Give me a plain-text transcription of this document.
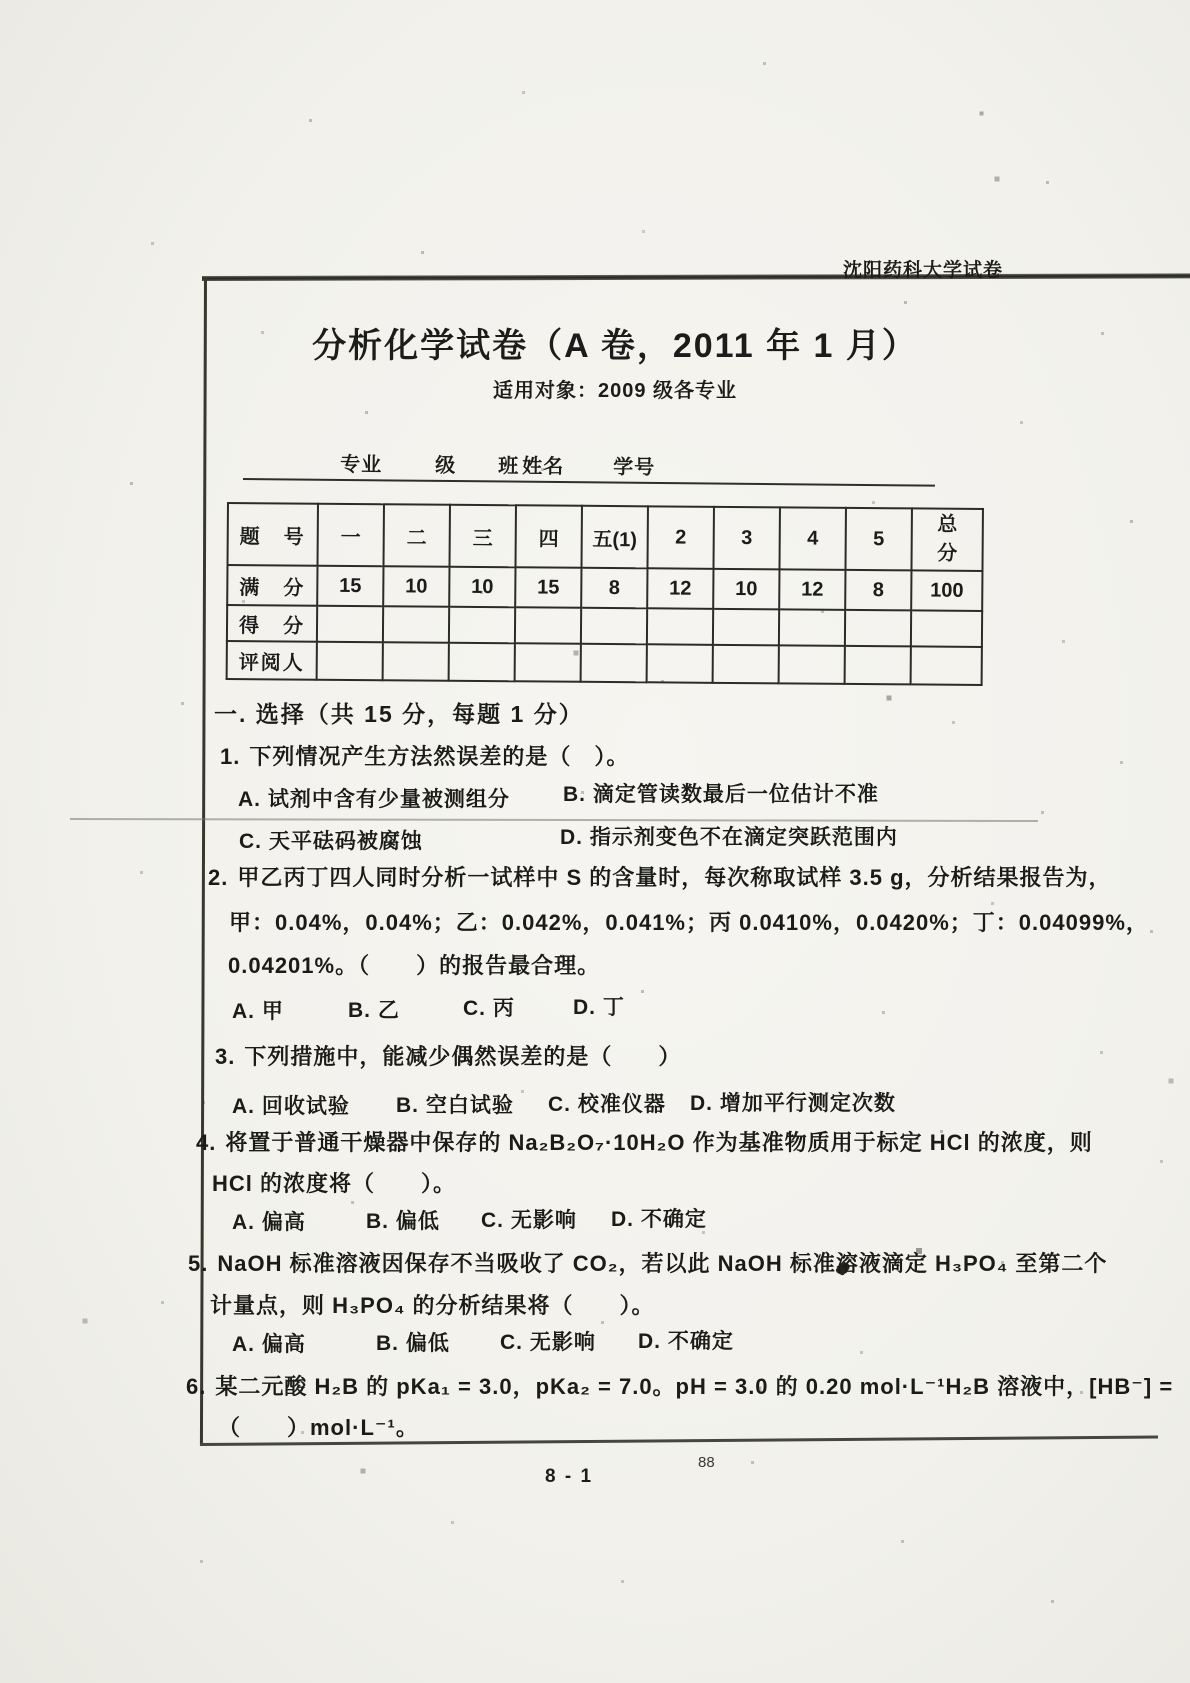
沈阳药科大学试卷
分析化学试卷（A 卷，2011 年 1 月）
适用对象：2009 级各专业
专业	级 班 姓名 学号
题　号	一	二	三	四	五(1)	2	3	4	5	总分

满　分	15	10	10	15	8	12	10	12	8	100
得　分										
评阅人										
一. 选择（共 15 分，每题 1 分）
1. 下列情况产生方法然误差的是（　）。
A. 试剂中含有少量被测组分	B. 滴定管读数最后一位估计不准
C. 天平砝码被腐蚀	D. 指示剂变色不在滴定突跃范围内
2. 甲乙丙丁四人同时分析一试样中 S 的含量时，每次称取试样 3.5 g，分析结果报告为，
甲：0.04%，0.04%；乙：0.042%，0.041%；丙 0.0410%，0.0420%；丁：0.04099%，
0.04201%。（　　）的报告最合理。
A. 甲	B. 乙	C. 丙	D. 丁
3. 下列措施中，能减少偶然误差的是（　　）
A. 回收试验 B. 空白试验 C. 校准仪器 D. 增加平行测定次数
4. 将置于普通干燥器中保存的 Na₂B₂O₇·10H₂O 作为基准物质用于标定 HCl 的浓度，则
HCl 的浓度将（　　）。
A. 偏高	B. 偏低 C. 无影响 D. 不确定
5. NaOH 标准溶液因保存不当吸收了 CO₂，若以此 NaOH 标准溶液滴定 H₃PO₄ 至第二个
计量点，则 H₃PO₄ 的分析结果将（　　）。
A. 偏高	B. 偏低 C. 无影响 D. 不确定
6. 某二元酸 H₂B 的 pKa₁ = 3.0，pKa₂ = 7.0。pH = 3.0 的 0.20 mol·L⁻¹H₂B 溶液中，[HB⁻] =
（　　）mol·L⁻¹。
8 - 1
88
